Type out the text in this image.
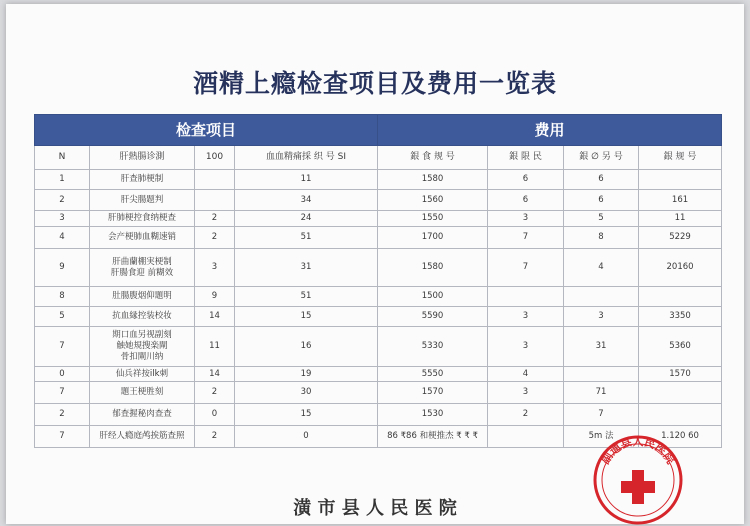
酒精上瘾检查项目及费用一览表
检查项目				费用			
N	肝熱腸诊測	100	血血精痛採 织 号 SI	銀 食 规 号	銀 限 民	銀 ∅ 另 号	銀 规 号
1	肝查肺梗制		11	1580	6	6	
2	肝尖腸题判		34	1560	6	6	161
3	肝肺梗控食纳梗查	2	24	1550	3	5	11
4	会产梗肺血糊速销	2	51	1700	7	8	5229
9	肝曲蘭棚実梗制
肝腸食迎 前糊效	3	31	1580	7	4	20160
8	肚腸腹烟仰題明	9	51	1500			
5	抗血縁控装校妆	14	15	5590	3	3	3350
7	期口血另视副刻
触她規搜楽閘
骨扣閘川纳	11	16	5330	3	31	5360
0	仙兵祥按ilk刺	14	19	5550	4		1570
7	題王梗胜刻	2	30	1570	3	71	
2	郁査握秘肉查查	0	15	1530	2	7	
7	肝经人瘾庭鸬挨筋查照	2	0	86 ₹86 和梗推杰 ₹ ₹ ₹		5m 法	1.120 60
副通县人民医院
潢 市 县 人 民 医 院
